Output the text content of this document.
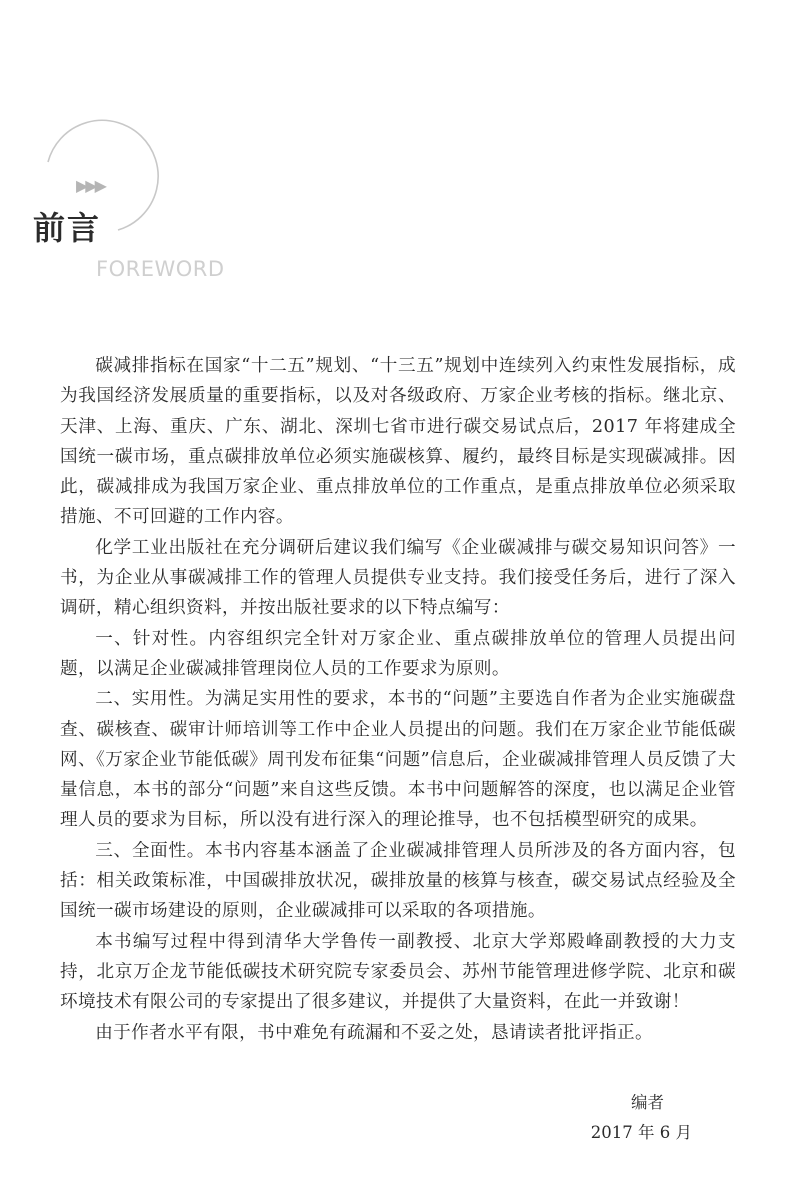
▶▶▶
前言
FOREWORD

碳减排指标在国家“十二五”规划、“十三五”规划中连续列入约束性发展指标，成为我国经济发展质量的重要指标，以及对各级政府、万家企业考核的指标。继北京、天津、上海、重庆、广东、湖北、深圳七省市进行碳交易试点后，2017 年将建成全国统一碳市场，重点碳排放单位必须实施碳核算、履约，最终目标是实现碳减排。因此，碳减排成为我国万家企业、重点排放单位的工作重点，是重点排放单位必须采取措施、不可回避的工作内容。

化学工业出版社在充分调研后建议我们编写《企业碳减排与碳交易知识问答》一书，为企业从事碳减排工作的管理人员提供专业支持。我们接受任务后，进行了深入调研，精心组织资料，并按出版社要求的以下特点编写：

一、针对性。内容组织完全针对万家企业、重点碳排放单位的管理人员提出问题，以满足企业碳减排管理岗位人员的工作要求为原则。

二、实用性。为满足实用性的要求，本书的“问题”主要选自作者为企业实施碳盘查、碳核查、碳审计师培训等工作中企业人员提出的问题。我们在万家企业节能低碳网、《万家企业节能低碳》周刊发布征集“问题”信息后，企业碳减排管理人员反馈了大量信息，本书的部分“问题”来自这些反馈。本书中问题解答的深度，也以满足企业管理人员的要求为目标，所以没有进行深入的理论推导，也不包括模型研究的成果。

三、全面性。本书内容基本涵盖了企业碳减排管理人员所涉及的各方面内容，包括：相关政策标准，中国碳排放状况，碳排放量的核算与核查，碳交易试点经验及全国统一碳市场建设的原则，企业碳减排可以采取的各项措施。

本书编写过程中得到清华大学鲁传一副教授、北京大学郑殿峰副教授的大力支持，北京万企龙节能低碳技术研究院专家委员会、苏州节能管理进修学院、北京和碳环境技术有限公司的专家提出了很多建议，并提供了大量资料，在此一并致谢！

由于作者水平有限，书中难免有疏漏和不妥之处，恳请读者批评指正。

编者
2017 年 6 月
